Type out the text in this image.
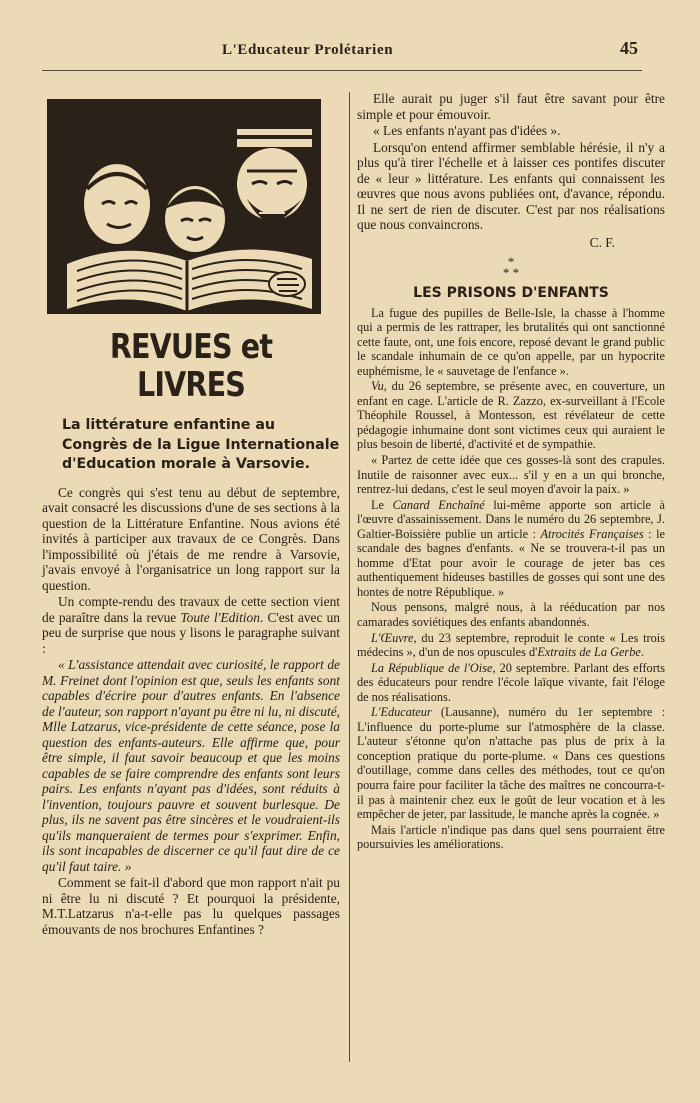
L'Educateur Prolétarien	45
REVUES et LIVRES
La littérature enfantine au Congrès de la Ligue Internationale d'Education morale à Varsovie.

Ce congrès qui s'est tenu au début de septembre, avait consacré les discussions d'une de ses sections à la question de la Littérature Enfantine. Nous avions été invités à participer aux travaux de ce Congrès. Dans l'impossibilité où j'étais de me rendre à Varsovie, j'avais envoyé à l'organisatrice un long rapport sur la question.

Un compte-rendu des travaux de cette section vient de paraître dans la revue Toute l'Edition. C'est avec un peu de surprise que nous y lisons le paragraphe suivant :

« L'assistance attendait avec curiosité, le rapport de M. Freinet dont l'opinion est que, seuls les enfants sont capables d'écrire pour d'autres enfants. En l'absence de l'auteur, son rapport n'ayant pu être ni lu, ni discuté, Mlle Latzarus, vice-présidente de cette séance, pose la question des enfants-auteurs. Elle affirme que, pour être simple, il faut savoir beaucoup et que les moins capables de se faire comprendre des enfants sont leurs pairs. Les enfants n'ayant pas d'idées, sont réduits à l'invention, toujours pauvre et souvent burlesque. De plus, ils ne savent pas être sincères et le voudraient-ils qu'ils manqueraient de termes pour s'exprimer. Enfin, ils sont incapables de discerner ce qu'il faut dire de ce qu'il faut taire. »

Comment se fait-il d'abord que mon rapport n'ait pu ni être lu ni discuté ? Et pourquoi la présidente, M.T.Latzarus n'a-t-elle pas lu quelques passages émouvants de nos brochures Enfantines ?

Elle aurait pu juger s'il faut être savant pour être simple et pour émouvoir.

« Les enfants n'ayant pas d'idées ».

Lorsqu'on entend affirmer semblable hérésie, il n'y a plus qu'à tirer l'échelle et à laisser ces pontifes discuter de « leur » littérature. Les enfants qui connaissent les œuvres que nous avons publiées ont, d'avance, répondu. Il ne sert de rien de discuter. C'est par nos réalisations que nous convaincrons.

C. F.
*
* *
LES PRISONS D'ENFANTS

La fugue des pupilles de Belle-Isle, la chasse à l'homme qui a permis de les rattraper, les brutalités qui ont sanctionné cette faute, ont, une fois encore, reposé devant le grand public le scandale inhumain de ce qu'on appelle, par un hypocrite euphémisme, le « sauvetage de l'enfance ».

Vu, du 26 septembre, se présente avec, en couverture, un enfant en cage. L'article de R. Zazzo, ex-surveillant à l'Ecole Théophile Roussel, à Montesson, est révélateur de cette pédagogie inhumaine dont sont victimes ceux qui auraient le plus besoin de liberté, d'activité et de sympathie.

« Partez de cette idée que ces gosses-là sont des crapules. Inutile de raisonner avec eux... s'il y en a un qui bronche, rentrez-lui dedans, c'est le seul moyen d'avoir la paix. »

Le Canard Enchaîné lui-même apporte son article à l'œuvre d'assainissement. Dans le numéro du 26 septembre, J. Galtier-Boissière publie un article : Atrocités Françaises : le scandale des bagnes d'enfants. « Ne se trouvera-t-il pas un homme d'Etat pour avoir le courage de jeter bas ces authentiquement hideuses bastilles de gosses qui sont une des hontes de notre République. »

Nous pensons, malgré nous, à la rééducation par nos camarades soviétiques des enfants abandonnés.

L'Œuvre, du 23 septembre, reproduit le conte « Les trois médecins », d'un de nos opuscules d'Extraits de La Gerbe.

La République de l'Oise, 20 septembre. Parlant des efforts des éducateurs pour rendre l'école laïque vivante, fait l'éloge de nos réalisations.

L'Educateur (Lausanne), numéro du 1er septembre : L'influence du porte-plume sur l'atmosphère de la classe. L'auteur s'étonne qu'on n'attache pas plus de prix à la conception pratique du porte-plume. « Dans ces questions d'outillage, comme dans celles des méthodes, tout ce qu'on pourra faire pour faciliter la tâche des maîtres ne concourra-t-il pas à maintenir chez eux le goût de leur vocation et à les empêcher de jeter, par lassitude, le manche après la cognée. »

Mais l'article n'indique pas dans quel sens pourraient être poursuivies les améliorations.
